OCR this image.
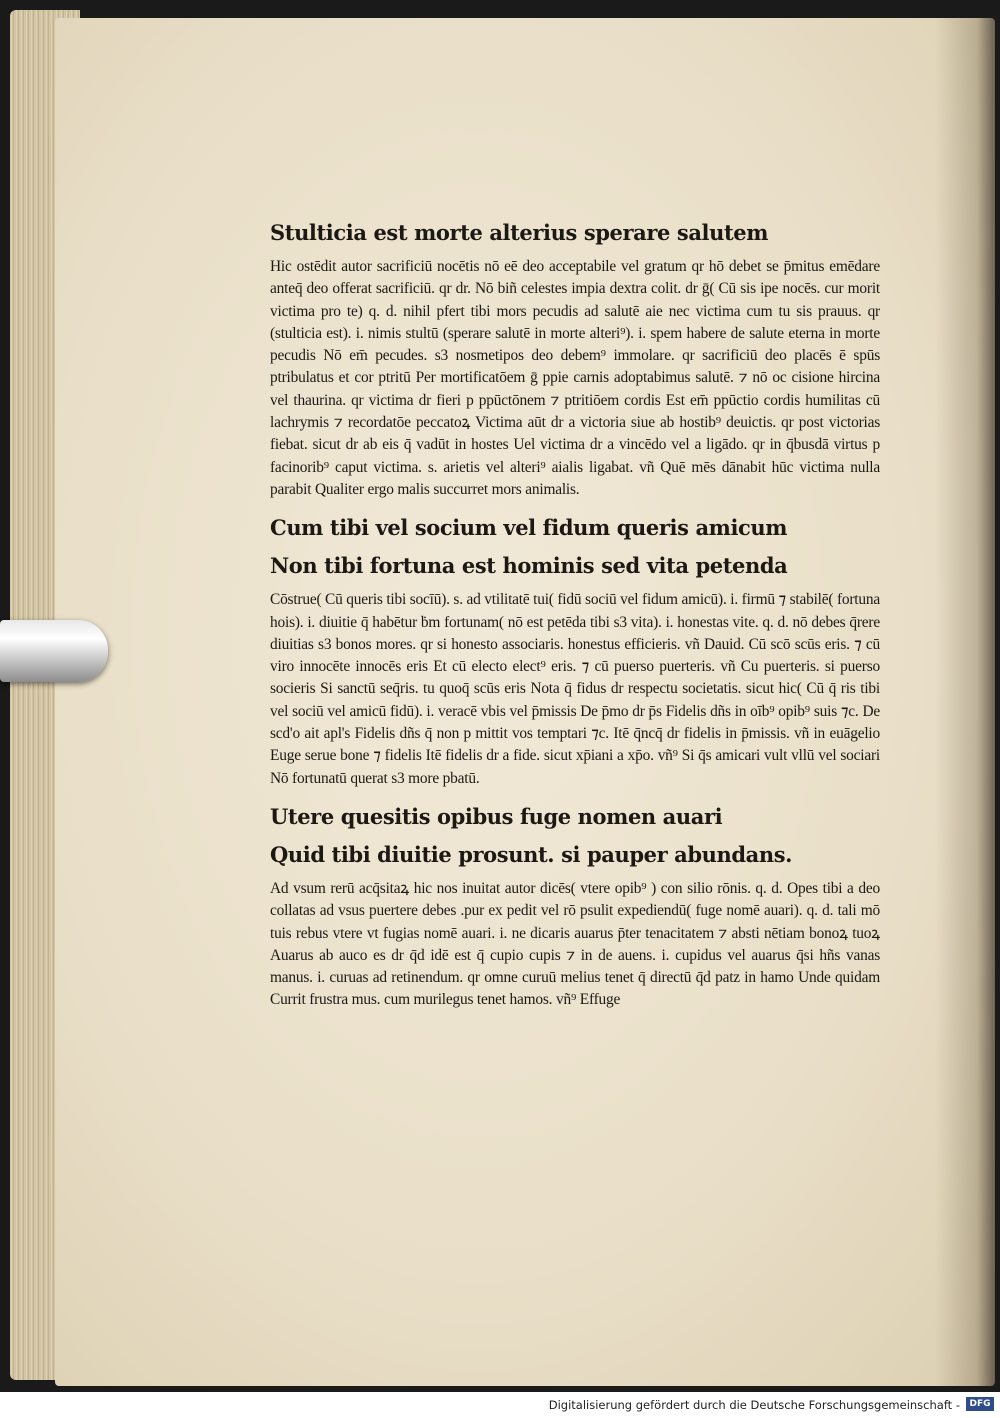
Stulticia est morte alterius sperare salutem

Hic ostēdit autor sacrificiū nocētis nō eē deo acceptabile vel gratum qr hō debet se p̄mitus emēdare anteq̄ deo offerat sacrificiū. qr dr. Nō biñ celestes impia dextra colit. dr ḡ( Cū sis ipe nocēs. cur morit victima pro te) q. d. nihil pfert tibi mors pecudis ad salutē aie nec victima cum tu sis prauus. qr (stulticia est). i. nimis stultū (sperare salutē in morte alteri⁹). i. spem habere de salute eterna in morte pecudis Nō em̄ pecudes. s3 nosmetipos deo debem⁹ immolare. qr sacrificiū deo placēs ē spūs ptribulatus et cor ptritū Per mortificatōem ḡ ppie carnis adoptabimus salutē. ⁊ nō oc cisione hircina vel thaurina. qr victima dr fieri p ppūctōnem ⁊ ptritiōem cordis Est em̄ ppūctio cordis humilitas cū lachrymis ⁊ recordatōe peccatoꝝ Victima aūt dr a victoria siue ab hostib⁹ deuictis. qr post victorias fiebat. sicut dr ab eis q̄ vadūt in hostes Uel victima dr a vincēdo vel a ligādo. qr in q̄busdā virtus p facinorib⁹ caput victima. s. arietis vel alteri⁹ aialis ligabat. vñ Quē mēs dānabit hūc victima nulla parabit Qualiter ergo malis succurret mors animalis.

Cum tibi vel socium vel fidum queris amicum
Non tibi fortuna est hominis sed vita petenda

Cōstrue( Cū queris tibi socīū). s. ad vtilitatē tui( fidū sociū vel fidum amicū). i. firmū ⁊ stabilē( fortuna hois). i. diuitie q̄ habētur ḃm fortunam( nō est petēda tibi s3 vita). i. honestas vite. q. d. nō debes q̄rere diuitias s3 bonos mores. qr si honesto associaris. honestus efficieris. vñ Dauid. Cū scō scūs eris. ⁊ cū viro innocēte innocēs eris Et cū electo elect⁹ eris. ⁊ cū puerso puerteris. vñ Cu puerteris. si puerso socieris Si sanctū seq̄ris. tu quoq̄ scūs eris Nota q̄ fidus dr respectu societatis. sicut hic( Cū q̄ ris tibi vel sociū vel amicū fidū). i. veracē vbis vel p̄missis De p̄mo dr p̄s Fidelis dñs in oīb⁹ opib⁹ suis ⁊c. De scd'o ait apl's Fidelis dñs q̄ non p mittit vos temptari ⁊c. Itē q̄ncq̄ dr fidelis in p̄missis. vñ in euāgelio Euge serue bone ⁊ fidelis Itē fidelis dr a fide. sicut xp̄iani a xp̄o. vñ⁹ Si q̄s amicari vult vllū vel sociari Nō fortunatū querat s3 more pbatū.

Utere quesitis opibus fuge nomen auari
Quid tibi diuitie prosunt. si pauper abundans.

Ad vsum rerū acq̄sitaꝝ hic nos inuitat autor dicēs( vtere opib⁹ ) con silio rōnis. q. d. Opes tibi a deo collatas ad vsus puertere debes .pur ex pedit vel rō psulit expediendū( fuge nomē auari). q. d. tali mō tuis rebus vtere vt fugias nomē auari. i. ne dicaris auarus p̄ter tenacitatem ⁊ absti nētiam bonoꝝ tuoꝝ Auarus ab auco es dr q̄d idē est q̄ cupio cupis ⁊ in de auens. i. cupidus vel auarus q̄si hñs vanas manus. i. curuas ad retinendum. qr omne curuū melius tenet q̄ directū q̄d patz in hamo Unde quidam Currit frustra mus. cum murilegus tenet hamos. vñ⁹ Effuge

Digitalisierung gefördert durch die Deutsche Forschungsgemeinschaft -	DFG
